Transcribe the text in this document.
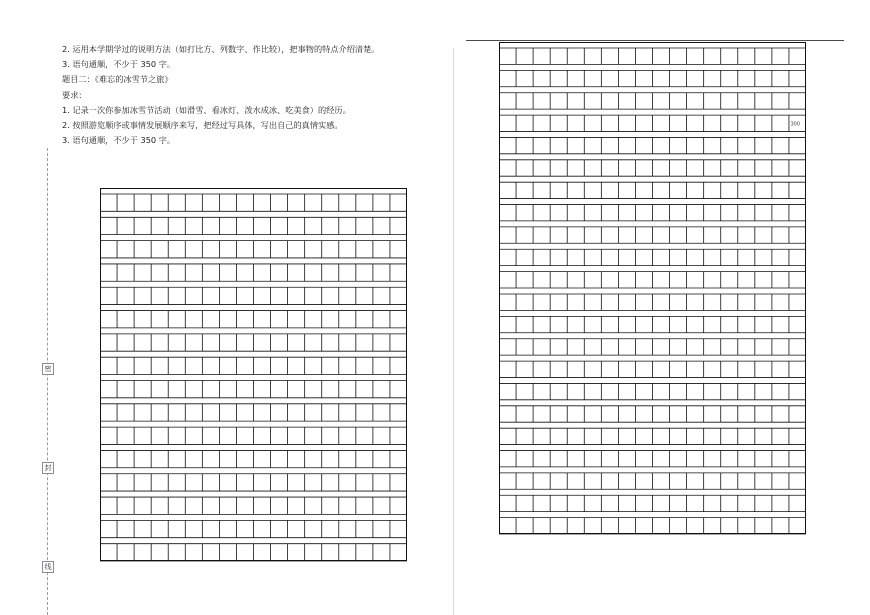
密
封
线
2. 运用本学期学过的说明方法（如打比方、列数字、作比较），把事物的特点介绍清楚。
3. 语句通顺，不少于 350 字。
题目二：《难忘的冰雪节之旅》
要求：
1. 记录一次你参加冰雪节活动（如滑雪、看冰灯、泼水成冰、吃美食）的经历。
2. 按照游览顺序或事情发展顺序来写，把经过写具体，写出自己的真情实感。
3. 语句通顺，不少于 350 字。
300
